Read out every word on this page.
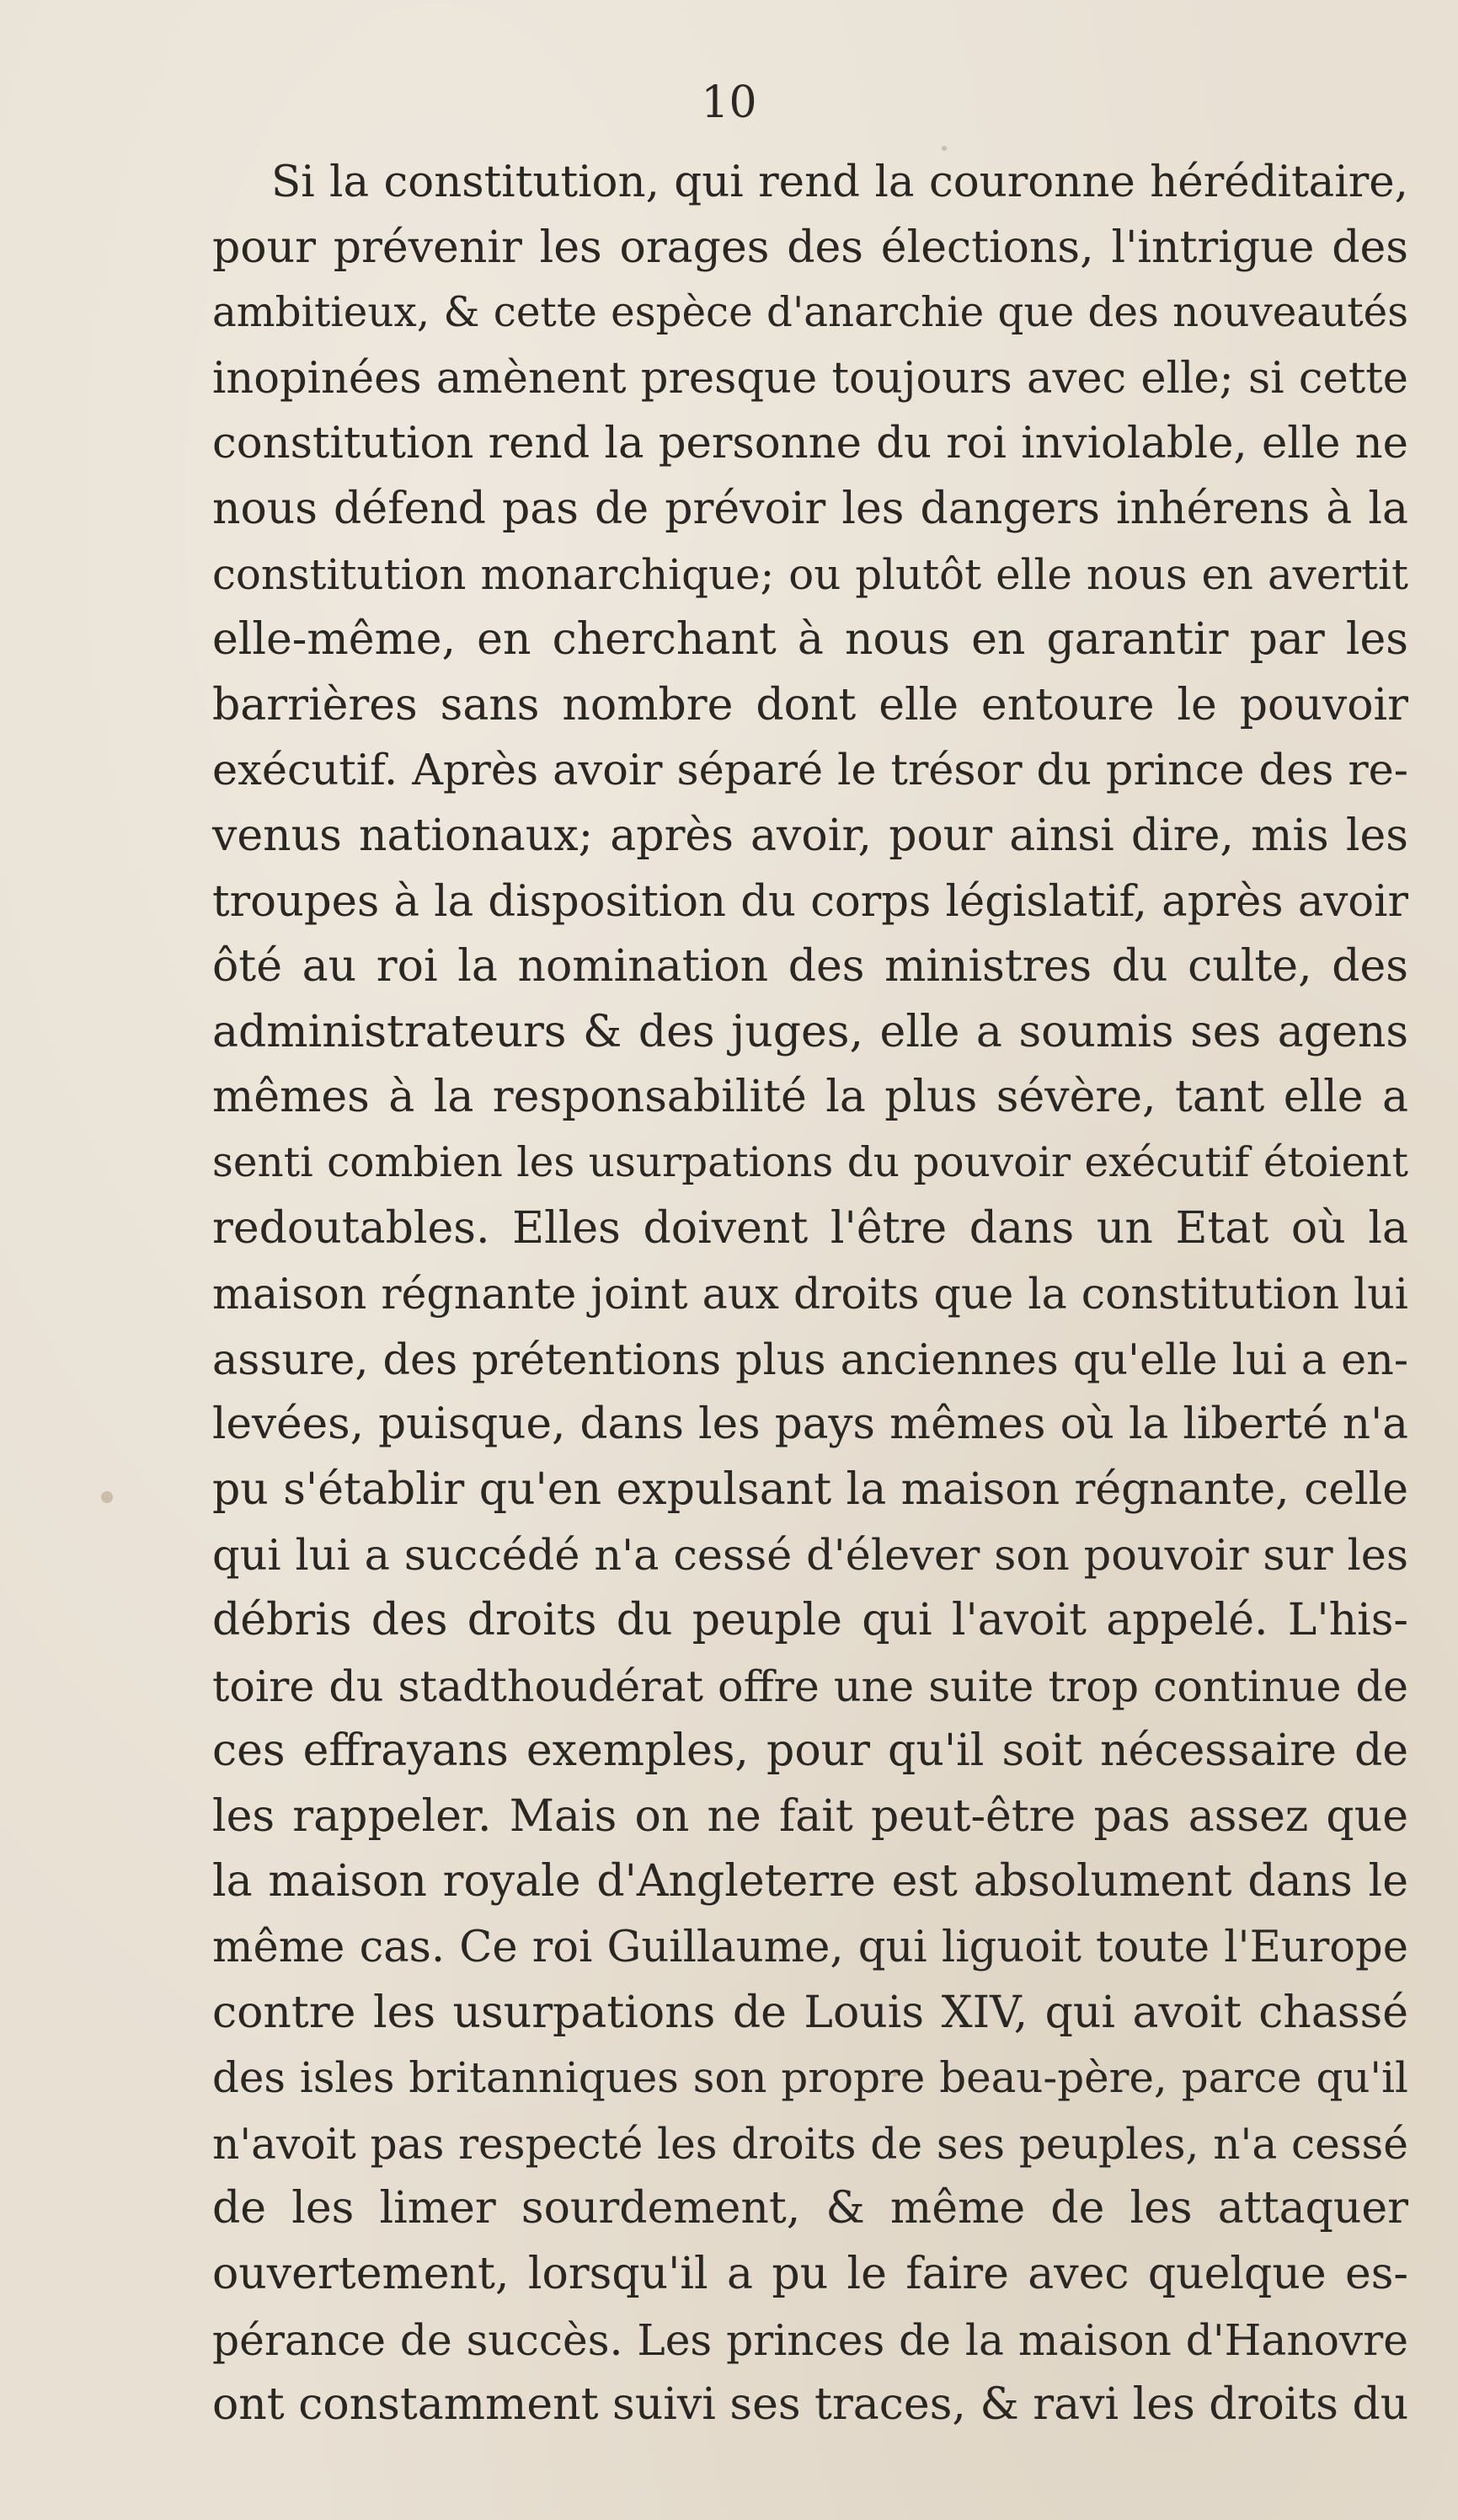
10
Si la constitution, qui rend la couronne héréditaire,
pour prévenir les orages des élections, l'intrigue des
ambitieux, & cette espèce d'anarchie que des nouveautés
inopinées amènent presque toujours avec elle; si cette
constitution rend la personne du roi inviolable, elle ne
nous défend pas de prévoir les dangers inhérens à la
constitution monarchique; ou plutôt elle nous en avertit
elle-même, en cherchant à nous en garantir par les
barrières sans nombre dont elle entoure le pouvoir
exécutif. Après avoir séparé le trésor du prince des re-
venus nationaux; après avoir, pour ainsi dire, mis les
troupes à la disposition du corps législatif, après avoir
ôté au roi la nomination des ministres du culte, des
administrateurs & des juges, elle a soumis ses agens
mêmes à la responsabilité la plus sévère, tant elle a
senti combien les usurpations du pouvoir exécutif étoient
redoutables. Elles doivent l'être dans un Etat où la
maison régnante joint aux droits que la constitution lui
assure, des prétentions plus anciennes qu'elle lui a en-
levées, puisque, dans les pays mêmes où la liberté n'a
pu s'établir qu'en expulsant la maison régnante, celle
qui lui a succédé n'a cessé d'élever son pouvoir sur les
débris des droits du peuple qui l'avoit appelé. L'his-
toire du stadthoudérat offre une suite trop continue de
ces effrayans exemples, pour qu'il soit nécessaire de
les rappeler. Mais on ne fait peut-être pas assez que
la maison royale d'Angleterre est absolument dans le
même cas. Ce roi Guillaume, qui liguoit toute l'Europe
contre les usurpations de Louis XIV, qui avoit chassé
des isles britanniques son propre beau-père, parce qu'il
n'avoit pas respecté les droits de ses peuples, n'a cessé
de les limer sourdement, & même de les attaquer
ouvertement, lorsqu'il a pu le faire avec quelque es-
pérance de succès. Les princes de la maison d'Hanovre
ont constamment suivi ses traces, & ravi les droits du
